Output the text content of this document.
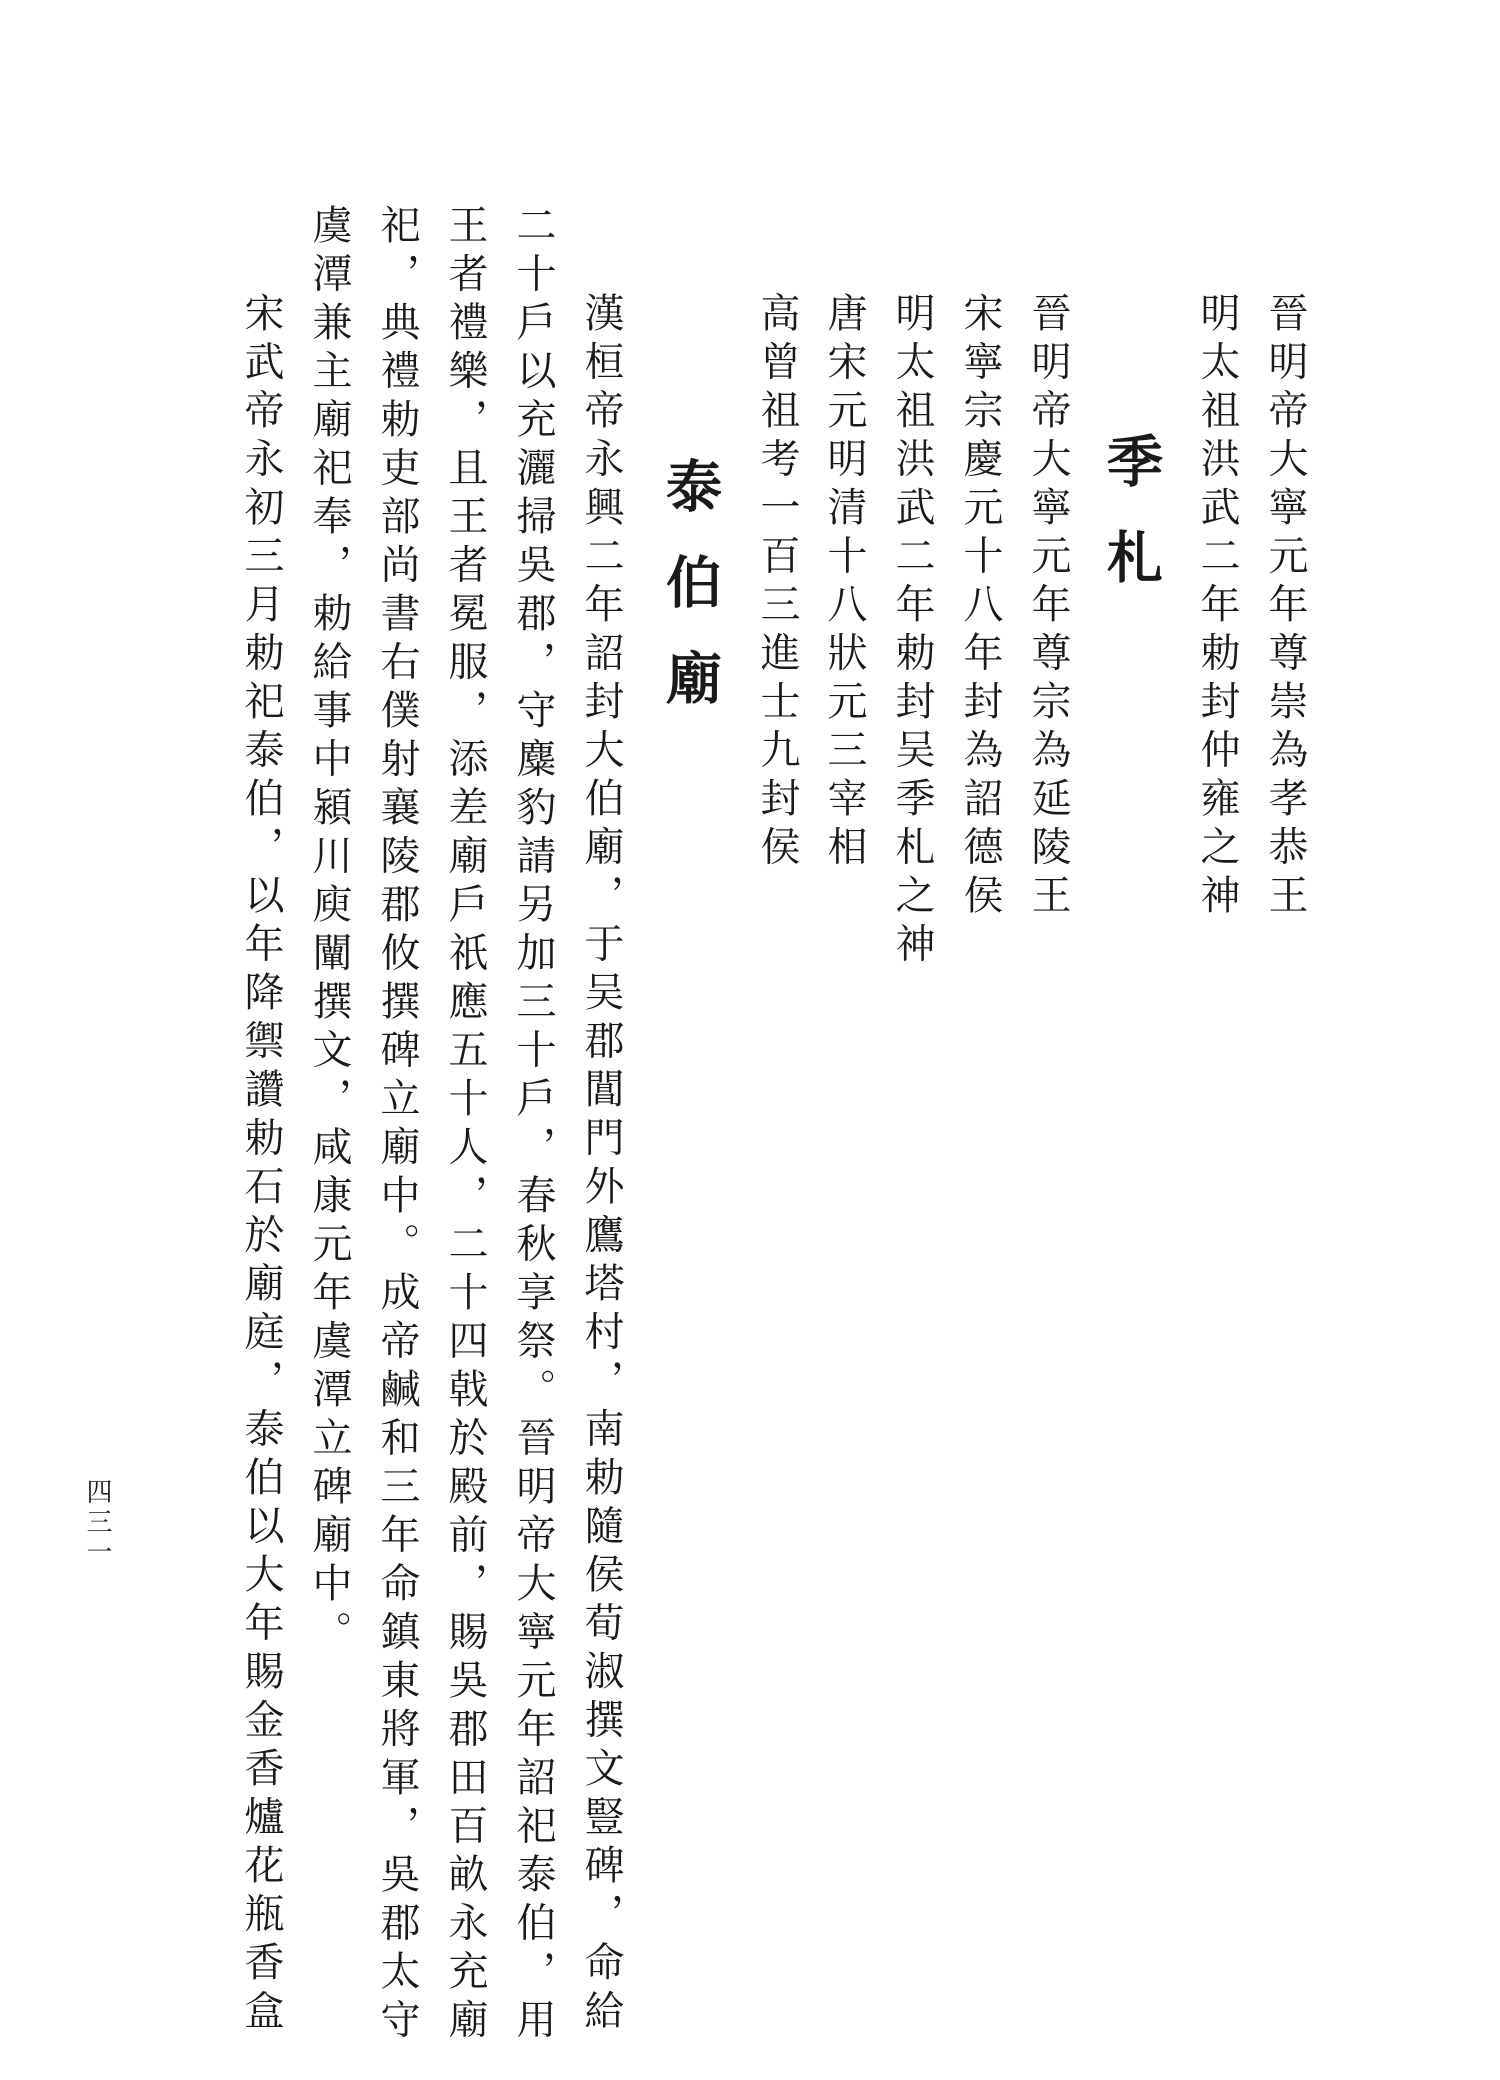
晉明帝大寧元年尊崇為孝恭王
明太祖洪武二年勅封仲雍之神
季札
晉明帝大寧元年尊宗為延陵王
宋寧宗慶元十八年封為詔德侯
明太祖洪武二年勅封吴季札之神
唐宋元明清十八狀元三宰相
高曾祖考一百三進士九封侯
泰伯廟
漢桓帝永興二年詔封大伯廟，于吴郡閶門外鷹塔村，南勅隨侯荀淑撰文豎碑，命給
二十戶以充灑掃吳郡，守麋豹請另加三十戶，春秋享祭。晉明帝大寧元年詔祀泰伯，用
王者禮樂，且王者冕服，添差廟戶祇應五十人，二十四戟於殿前，賜吳郡田百畝永充廟
祀，典禮勅吏部尚書右僕射襄陵郡攸撰碑立廟中。成帝鹹和三年命鎮東將軍，吳郡太守
虞潭兼主廟祀奉，勅給事中潁川庾闡撰文，咸康元年虞潭立碑廟中。
宋武帝永初三月勅祀泰伯，以年降禦讚勅石於廟庭，泰伯以大年賜金香爐花瓶香盒
四三一
